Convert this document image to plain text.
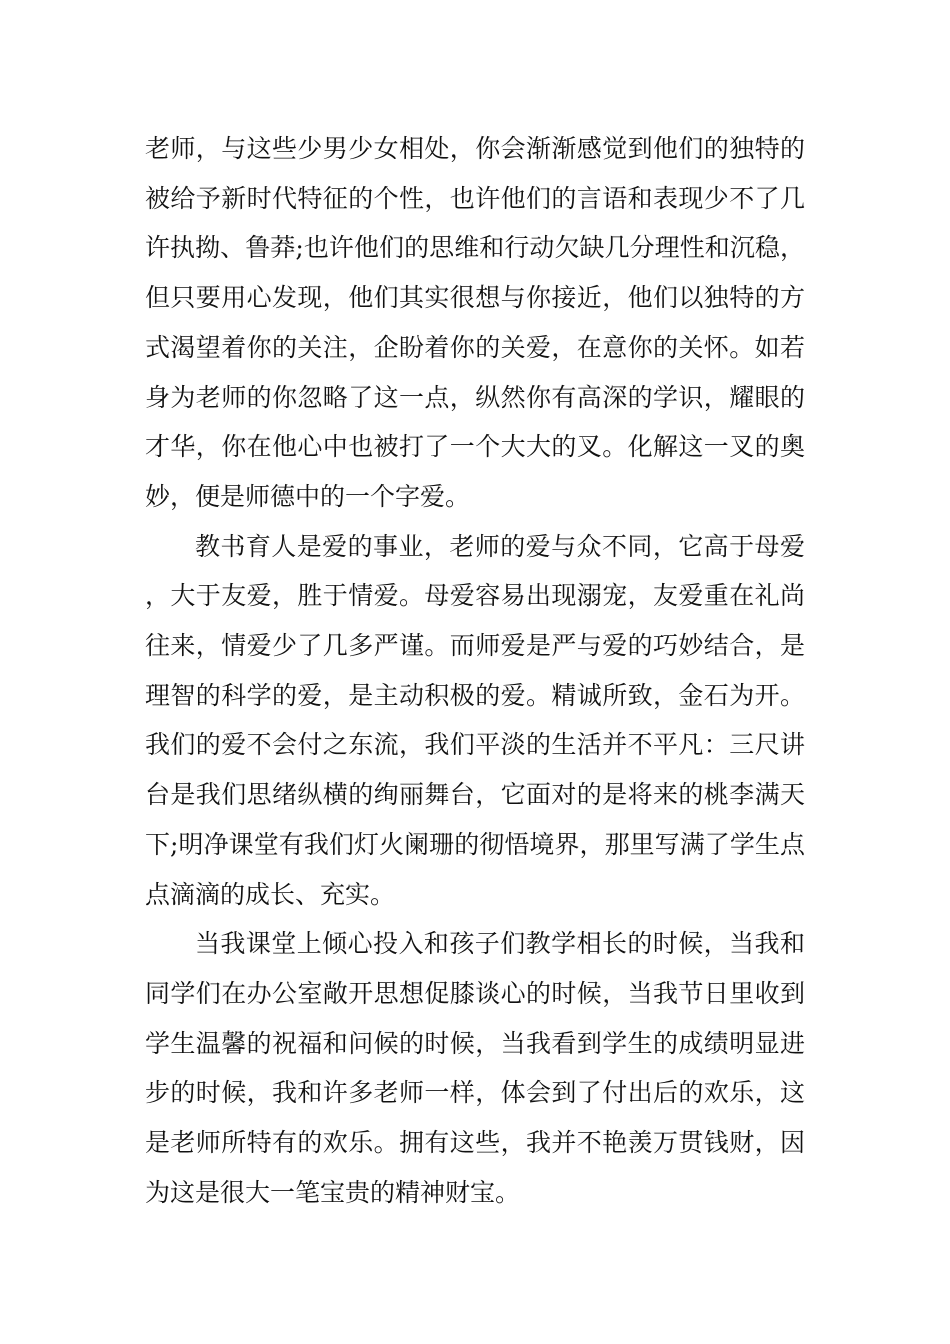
老师，与这些少男少女相处，你会渐渐感觉到他们的独特的被给予新时代特征的个性，也许他们的言语和表现少不了几许执拗、鲁莽;也许他们的思维和行动欠缺几分理性和沉稳，但只要用心发现，他们其实很想与你接近，他们以独特的方式渴望着你的关注，企盼着你的关爱，在意你的关怀。如若身为老师的你忽略了这一点，纵然你有高深的学识，耀眼的才华，你在他心中也被打了一个大大的叉。化解这一叉的奥妙，便是师德中的一个字爱。

教书育人是爱的事业，老师的爱与众不同，它高于母爱，大于友爱，胜于情爱。母爱容易出现溺宠，友爱重在礼尚往来，情爱少了几多严谨。而师爱是严与爱的巧妙结合，是理智的科学的爱，是主动积极的爱。精诚所致，金石为开。我们的爱不会付之东流，我们平淡的生活并不平凡：三尺讲台是我们思绪纵横的绚丽舞台，它面对的是将来的桃李满天下;明净课堂有我们灯火阑珊的彻悟境界，那里写满了学生点点滴滴的成长、充实。

当我课堂上倾心投入和孩子们教学相长的时候，当我和同学们在办公室敞开思想促膝谈心的时候，当我节日里收到学生温馨的祝福和问候的时候，当我看到学生的成绩明显进步的时候，我和许多老师一样，体会到了付出后的欢乐，这是老师所特有的欢乐。拥有这些，我并不艳羡万贯钱财，因为这是很大一笔宝贵的精神财宝。
